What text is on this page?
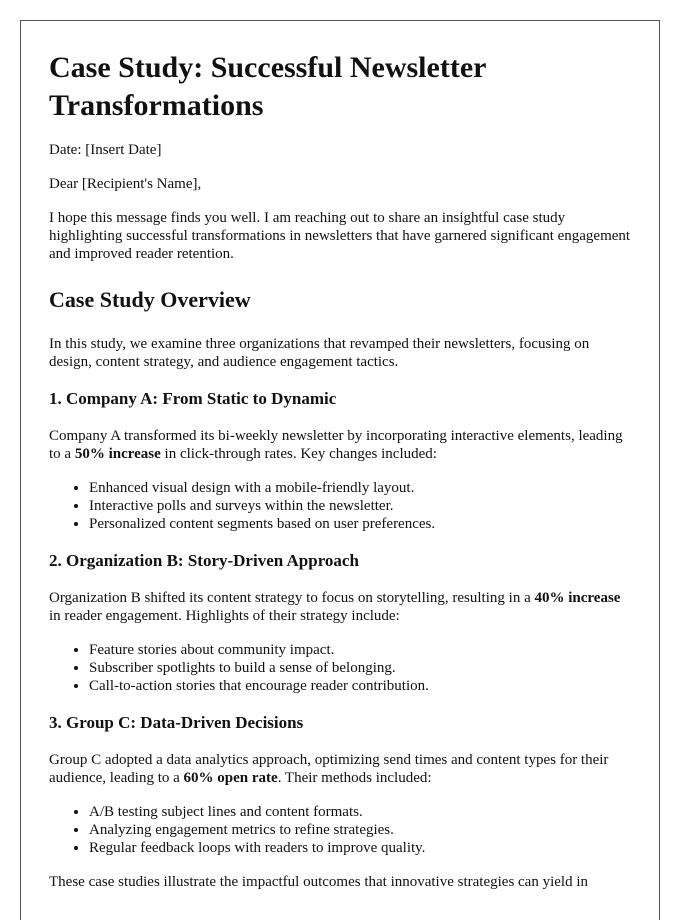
Case Study: Successful Newsletter Transformations

Date: [Insert Date]

Dear [Recipient's Name],

I hope this message finds you well. I am reaching out to share an insightful case study highlighting successful transformations in newsletters that have garnered significant engagement and improved reader retention.

Case Study Overview

In this study, we examine three organizations that revamped their newsletters, focusing on design, content strategy, and audience engagement tactics.

1. Company A: From Static to Dynamic

Company A transformed its bi-weekly newsletter by incorporating interactive elements, leading to a 50% increase in click-through rates. Key changes included:

• Enhanced visual design with a mobile-friendly layout.
• Interactive polls and surveys within the newsletter.
• Personalized content segments based on user preferences.
2. Organization B: Story-Driven Approach

Organization B shifted its content strategy to focus on storytelling, resulting in a 40% increase in reader engagement. Highlights of their strategy include:

• Feature stories about community impact.
• Subscriber spotlights to build a sense of belonging.
• Call-to-action stories that encourage reader contribution.
3. Group C: Data-Driven Decisions

Group C adopted a data analytics approach, optimizing send times and content types for their audience, leading to a 60% open rate. Their methods included:

• A/B testing subject lines and content formats.
• Analyzing engagement metrics to refine strategies.
• Regular feedback loops with readers to improve quality.

These case studies illustrate the impactful outcomes that innovative strategies can yield in
